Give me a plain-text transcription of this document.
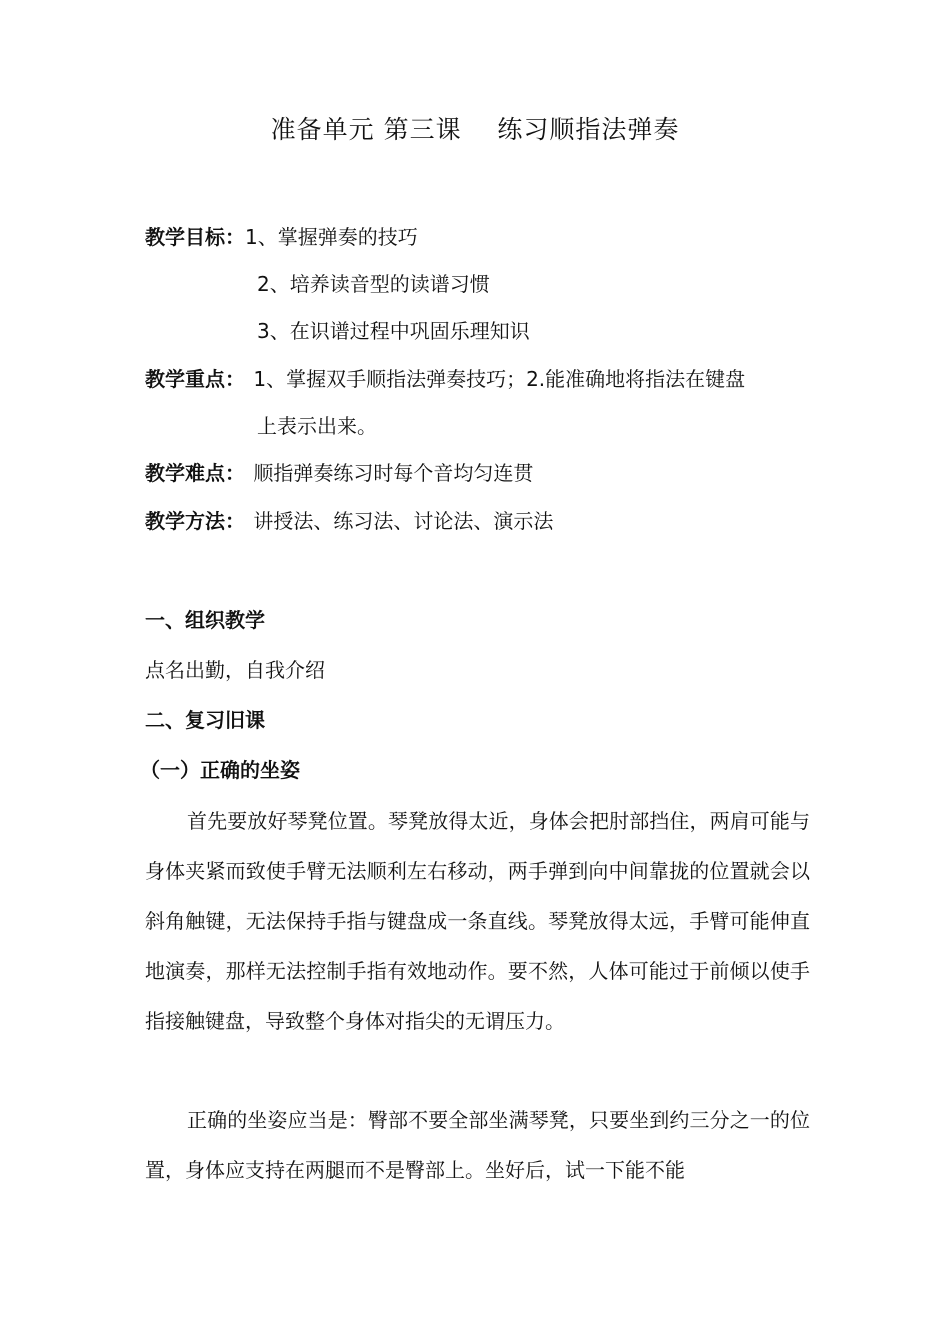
准备单元 第三课    练习顺指法弹奏
教学目标：1、掌握弹奏的技巧
2、培养读音型的读谱习惯
3、在识谱过程中巩固乐理知识
教学重点： 1、掌握双手顺指法弹奏技巧；2.能准确地将指法在键盘
上表示出来。
教学难点： 顺指弹奏练习时每个音均匀连贯
教学方法： 讲授法、练习法、讨论法、演示法
一、组织教学
点名出勤，自我介绍
二、复习旧课
（一）正确的坐姿
首先要放好琴凳位置。琴凳放得太近，身体会把肘部挡住，两肩可能与身体夹紧而致使手臂无法顺利左右移动，两手弹到向中间靠拢的位置就会以斜角触键，无法保持手指与键盘成一条直线。琴凳放得太远，手臂可能伸直地演奏，那样无法控制手指有效地动作。要不然，人体可能过于前倾以使手指接触键盘，导致整个身体对指尖的无谓压力。
正确的坐姿应当是：臀部不要全部坐满琴凳，只要坐到约三分之一的位置，身体应支持在两腿而不是臀部上。坐好后，试一下能不能
